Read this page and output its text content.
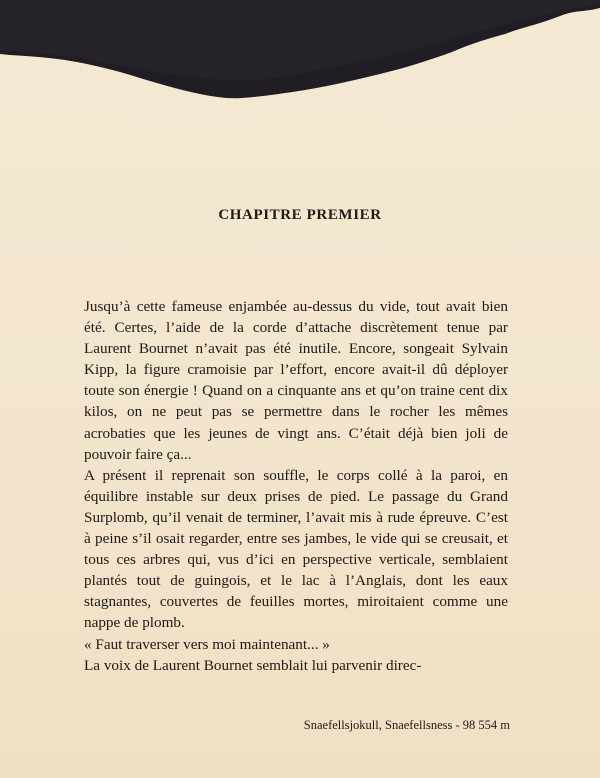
CHAPITRE PREMIER

Jusqu’à cette fameuse enjambée au-dessus du vide, tout avait bien été. Certes, l’aide de la corde d’attache discrètement tenue par Laurent Bournet n’avait pas été inutile. Encore, songeait Sylvain Kipp, la figure cramoisie par l’effort, encore avait-il dû déployer toute son énergie ! Quand on a cinquante ans et qu’on traine cent dix kilos, on ne peut pas se permettre dans le rocher les mêmes acrobaties que les jeunes de vingt ans. C’était déjà bien joli de pouvoir faire ça...

A présent il reprenait son souffle, le corps collé à la paroi, en équilibre instable sur deux prises de pied. Le passage du Grand Surplomb, qu’il venait de terminer, l’avait mis à rude épreuve. C’est à peine s’il osait regarder, entre ses jambes, le vide qui se creusait, et tous ces arbres qui, vus d’ici en perspective verticale, semblaient plantés tout de guingois, et le lac à l’Anglais, dont les eaux stagnantes, couvertes de feuilles mortes, miroitaient comme une nappe de plomb.

« Faut traverser vers moi maintenant... »

La voix de Laurent Bournet semblait lui parvenir direc-

Snaefellsjokull, Snaefellsness - 98 554 m
